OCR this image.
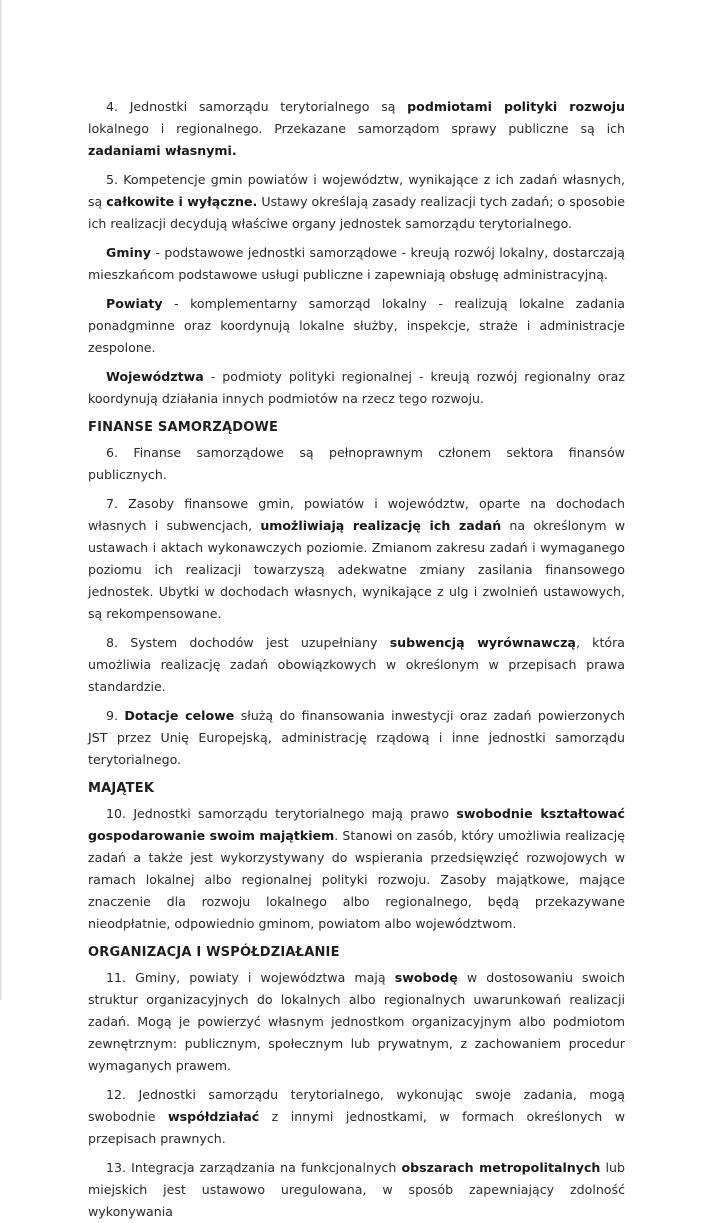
4. Jednostki samorządu terytorialnego są podmiotami polityki rozwoju lokalnego i regionalnego. Przekazane samorządom sprawy publiczne są ich zadaniami własnymi.

5. Kompetencje gmin powiatów i województw, wynikające z ich zadań własnych, są całkowite i wyłączne. Ustawy określają zasady realizacji tych zadań; o sposobie ich realizacji decydują właściwe organy jednostek samorządu terytorialnego.

Gminy - podstawowe jednostki samorządowe - kreują rozwój lokalny, dostarczają mieszkańcom podstawowe usługi publiczne i zapewniają obsługę administracyjną.

Powiaty - komplementarny samorząd lokalny - realizują lokalne zadania ponadgminne oraz koordynują lokalne służby, inspekcje, straże i administracje zespolone.

Województwa - podmioty polityki regionalnej - kreują rozwój regionalny oraz koordynują działania innych podmiotów na rzecz tego rozwoju.

FINANSE SAMORZĄDOWE

6. Finanse samorządowe są pełnoprawnym członem sektora finansów publicznych.

7. Zasoby finansowe gmin, powiatów i województw, oparte na dochodach własnych i subwencjach, umożliwiają realizację ich zadań na określonym w ustawach i aktach wykonawczych poziomie. Zmianom zakresu zadań i wymaganego poziomu ich realizacji towarzyszą adekwatne zmiany zasilania finansowego jednostek. Ubytki w dochodach własnych, wynikające z ulg i zwolnień ustawowych, są rekompensowane.

8. System dochodów jest uzupełniany subwencją wyrównawczą, która umożliwia realizację zadań obowiązkowych w określonym w przepisach prawa standardzie.

9. Dotacje celowe służą do finansowania inwestycji oraz zadań powierzonych JST przez Unię Europejską, administrację rządową i inne jednostki samorządu terytorialnego.

MAJĄTEK

10. Jednostki samorządu terytorialnego mają prawo swobodnie kształtować gospodarowanie swoim majątkiem. Stanowi on zasób, który umożliwia realizację zadań a także jest wykorzystywany do wspierania przedsięwzięć rozwojowych w ramach lokalnej albo regionalnej polityki rozwoju. Zasoby majątkowe, mające znaczenie dla rozwoju lokalnego albo regionalnego, będą przekazywane nieodpłatnie, odpowiednio gminom, powiatom albo województwom.

ORGANIZACJA I WSPÓŁDZIAŁANIE

11. Gminy, powiaty i województwa mają swobodę w dostosowaniu swoich struktur organizacyjnych do lokalnych albo regionalnych uwarunkowań realizacji zadań. Mogą je powierzyć własnym jednostkom organizacyjnym albo podmiotom zewnętrznym: publicznym, społecznym lub prywatnym, z zachowaniem procedur wymaganych prawem.

12. Jednostki samorządu terytorialnego, wykonując swoje zadania, mogą swobodnie współdziałać z innymi jednostkami, w formach określonych w przepisach prawnych.

13. Integracja zarządzania na funkcjonalnych obszarach metropolitalnych lub miejskich jest ustawowo uregulowana, w sposób zapewniający zdolność wykonywania
